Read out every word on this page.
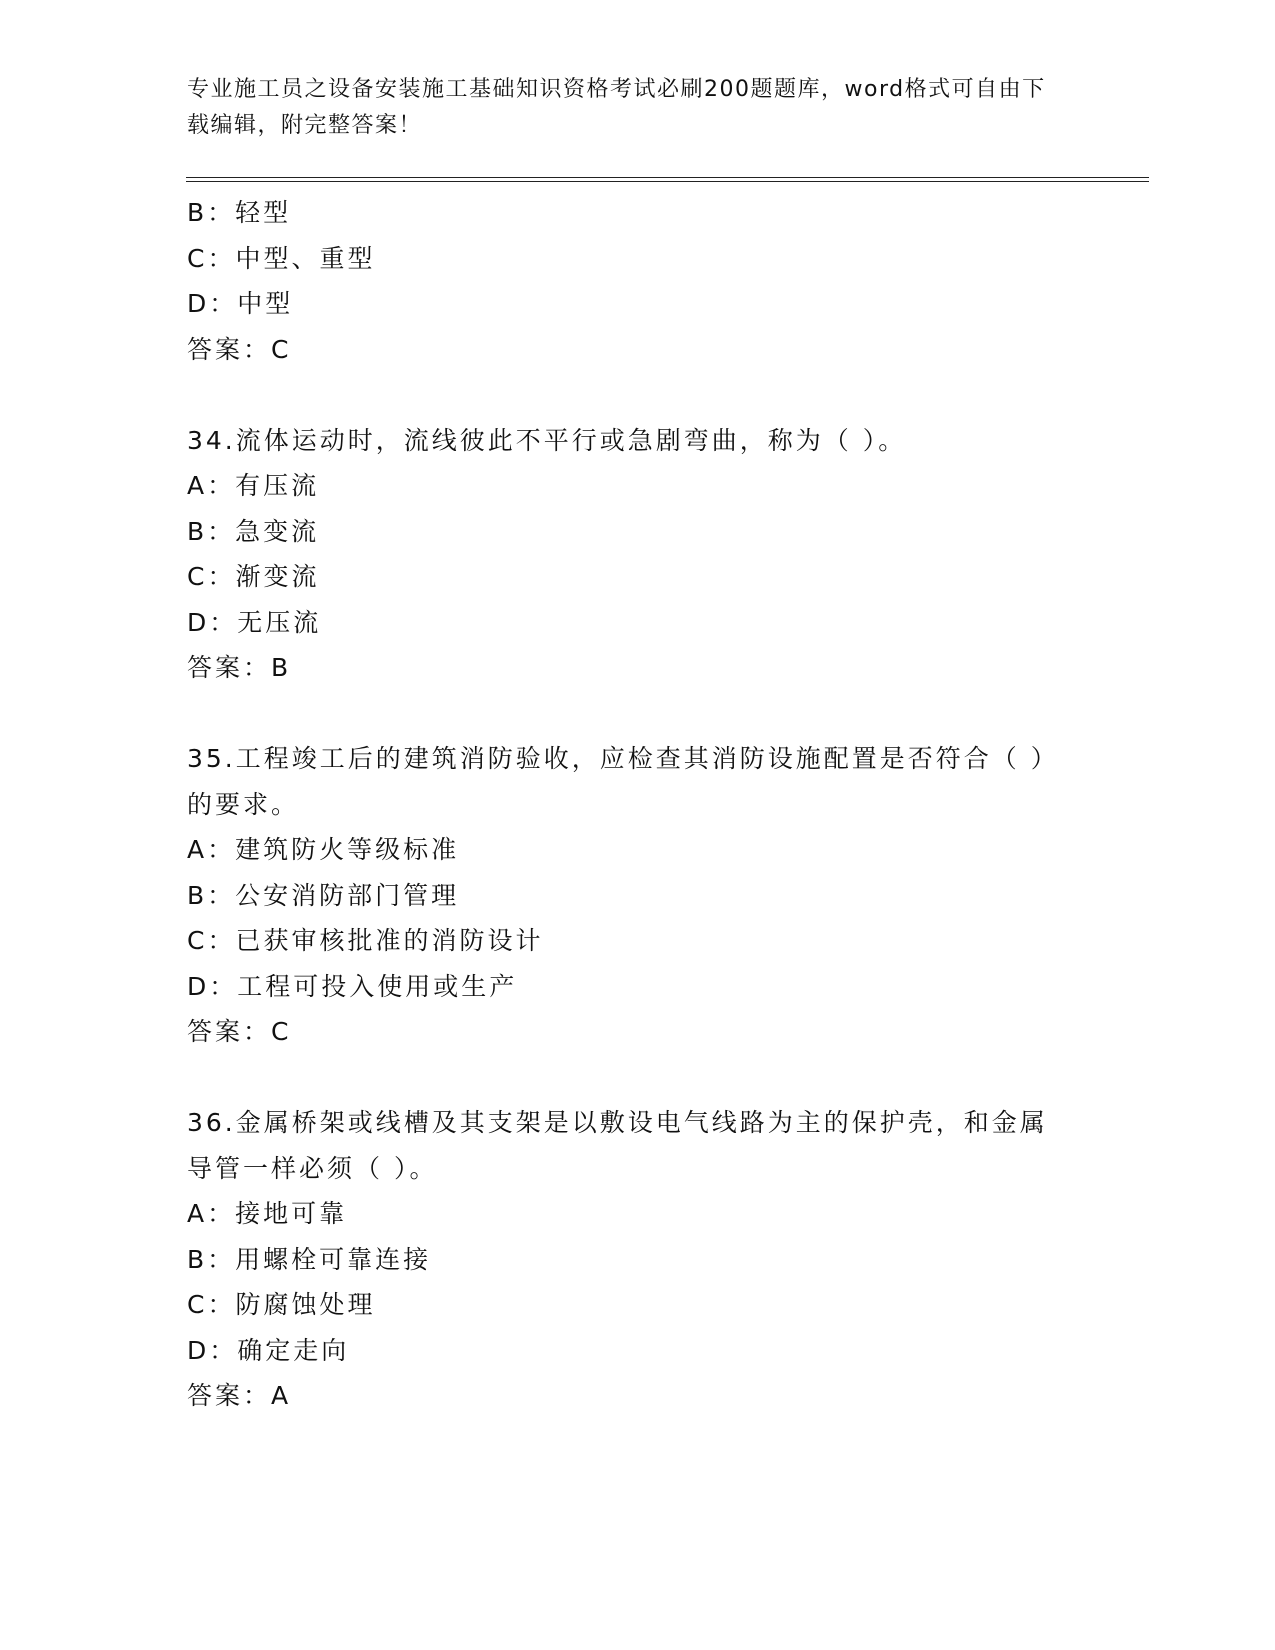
专业施工员之设备安装施工基础知识资格考试必刷200题题库，word格式可自由下载编辑，附完整答案！
B：轻型
C：中型、重型
D：中型
答案：C
34.流体运动时，流线彼此不平行或急剧弯曲，称为（ ）。
A：有压流
B：急变流
C：渐变流
D：无压流
答案：B
35.工程竣工后的建筑消防验收，应检查其消防设施配置是否符合（ ）的要求。
A：建筑防火等级标准
B：公安消防部门管理
C：已获审核批准的消防设计
D：工程可投入使用或生产
答案：C
36.金属桥架或线槽及其支架是以敷设电气线路为主的保护壳，和金属导管一样必须（ ）。
A：接地可靠
B：用螺栓可靠连接
C：防腐蚀处理
D：确定走向
答案：A
